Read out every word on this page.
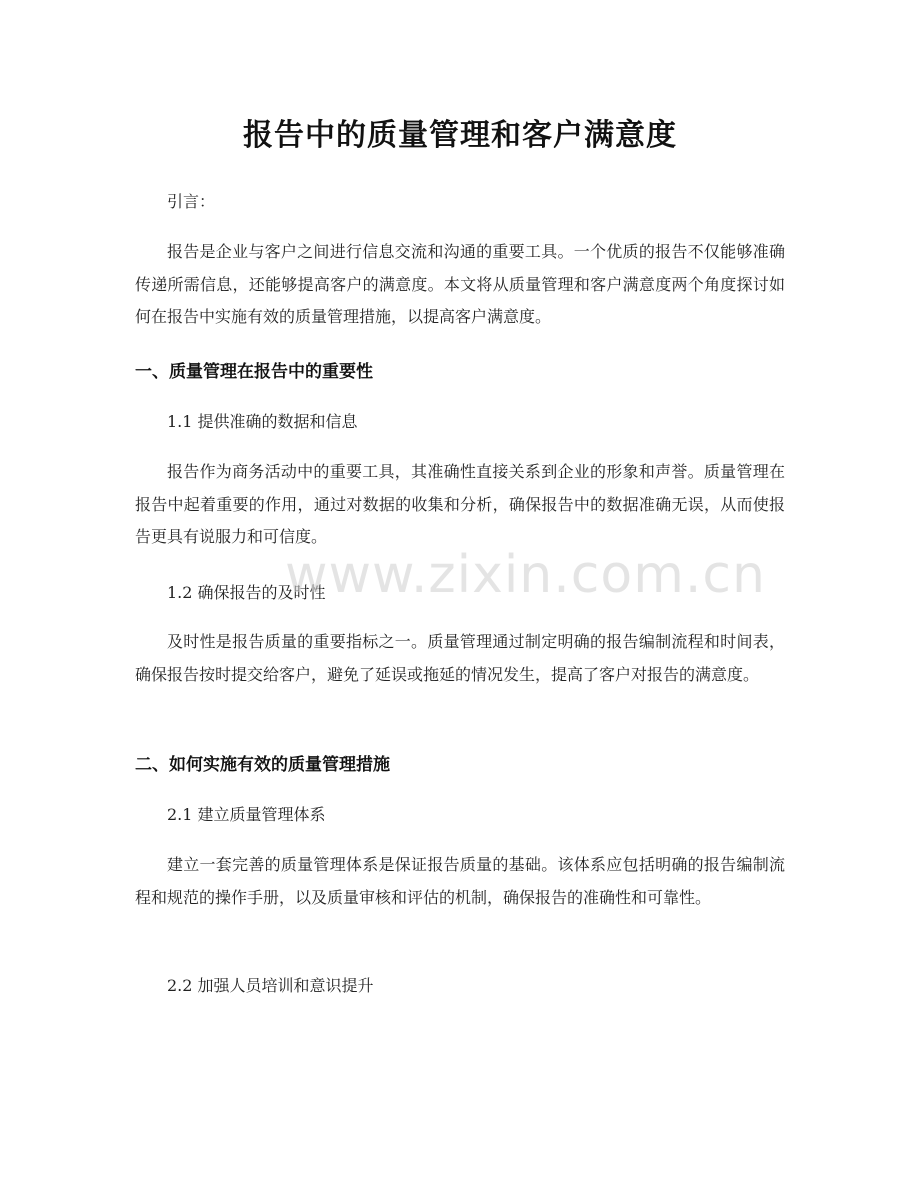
报告中的质量管理和客户满意度

引言：

报告是企业与客户之间进行信息交流和沟通的重要工具。一个优质的报告不仅能够准确传递所需信息，还能够提高客户的满意度。本文将从质量管理和客户满意度两个角度探讨如何在报告中实施有效的质量管理措施，以提高客户满意度。

一、质量管理在报告中的重要性

1.1 提供准确的数据和信息

报告作为商务活动中的重要工具，其准确性直接关系到企业的形象和声誉。质量管理在报告中起着重要的作用，通过对数据的收集和分析，确保报告中的数据准确无误，从而使报告更具有说服力和可信度。

1.2 确保报告的及时性

及时性是报告质量的重要指标之一。质量管理通过制定明确的报告编制流程和时间表，确保报告按时提交给客户，避免了延误或拖延的情况发生，提高了客户对报告的满意度。

二、如何实施有效的质量管理措施

2.1 建立质量管理体系

建立一套完善的质量管理体系是保证报告质量的基础。该体系应包括明确的报告编制流程和规范的操作手册，以及质量审核和评估的机制，确保报告的准确性和可靠性。

2.2 加强人员培训和意识提升

www.zixin.com.cn
